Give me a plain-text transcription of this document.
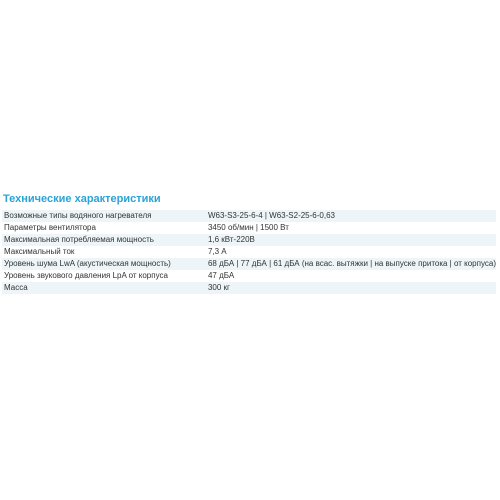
Технические характеристики
Возможные типы водяного нагревателя	W63-S3-25-6-4 | W63-S2-25-6-0,63
Параметры вентилятора	3450 об/мин | 1500 Вт
Максимальная потребляемая мощность	1,6 кВт-220В
Максимальный ток	7,3 А
Уровень шума LwA (акустическая мощность)	68 дБА | 77 дБА | 61 дБА (на всас. вытяжки | на выпуске притока | от корпуса)
Уровень звукового давления LpA от корпуса	47 дБА
Масса	300 кг
